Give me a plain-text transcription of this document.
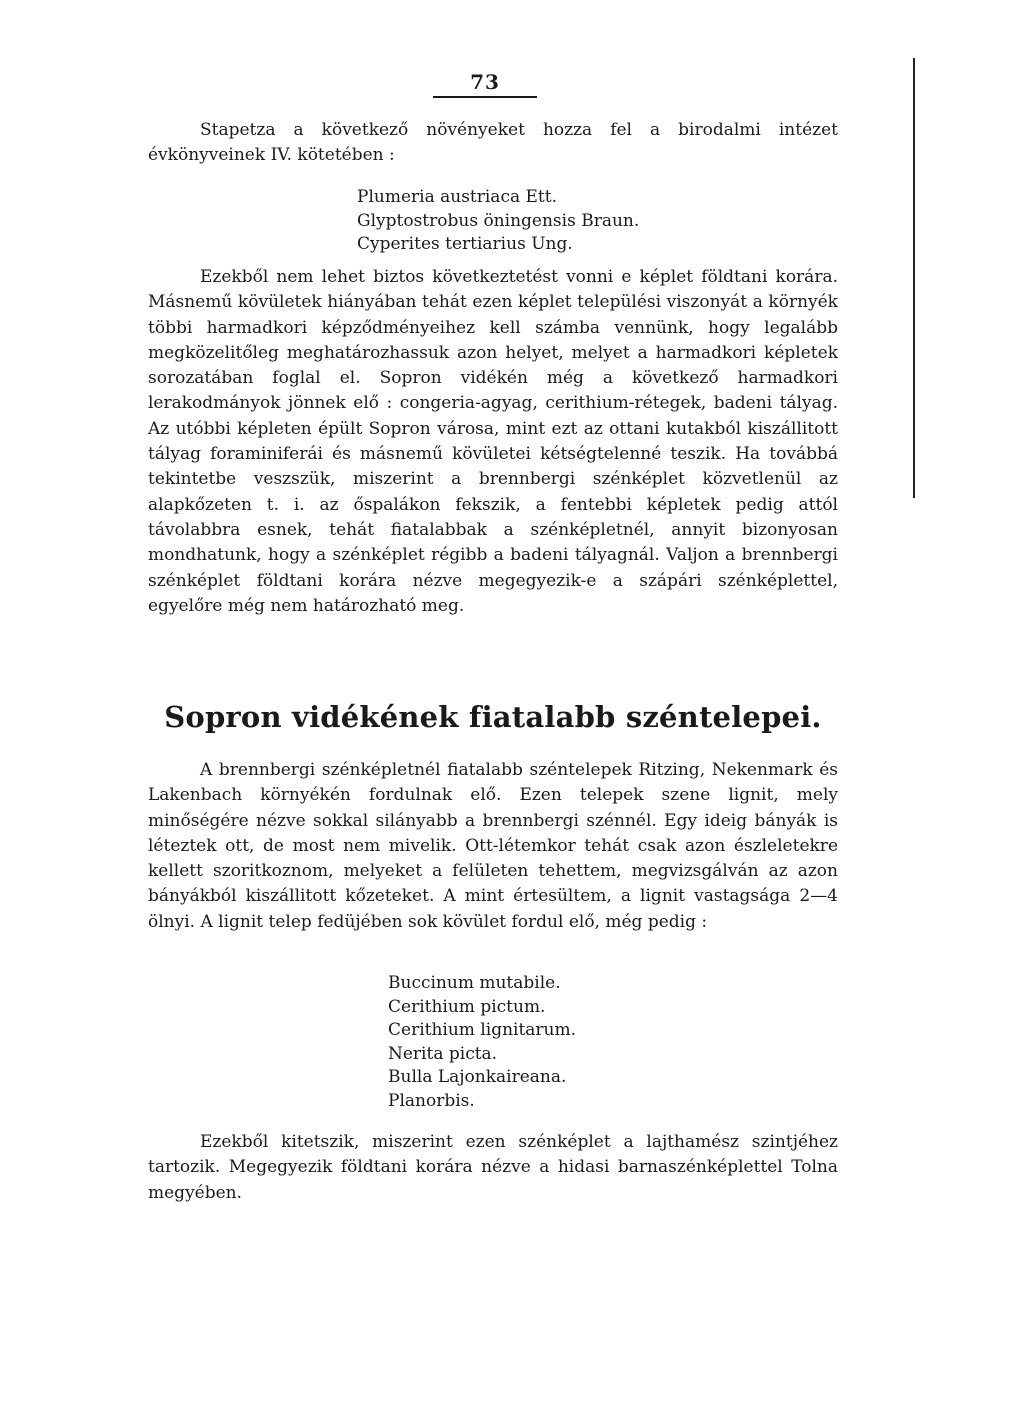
73

Stapetza a következő növényeket hozza fel a birodalmi intézet évkönyveinek IV. kötetében :

Plumeria austriaca Ett.
Glyptostrobus öningensis Braun.
Cyperites tertiarius Ung.

Ezekből nem lehet biztos következtetést vonni e képlet földtani korára. Másnemű kövületek hiányában tehát ezen képlet települési viszonyát a környék többi harmadkori képződményeihez kell számba vennünk, hogy legalább megközelitőleg meghatározhassuk azon helyet, melyet a harmadkori képletek sorozatában foglal el. Sopron vidékén még a következő harmadkori lerakodmányok jönnek elő : congeria-agyag, cerithium-rétegek, badeni tályag. Az utóbbi képleten épült Sopron városa, mint ezt az ottani kutakból kiszállitott tályag foraminiferái és másnemű kövületei kétségtelenné teszik. Ha továbbá tekintetbe veszszük, miszerint a brennbergi szénképlet közvetlenül az alapkőzeten t. i. az őspalákon fekszik, a fentebbi képletek pedig attól távolabbra esnek, tehát fiatalabbak a szénképletnél, annyit bizonyosan mondhatunk, hogy a szénképlet régibb a badeni tályagnál. Valjon a brennbergi szénképlet földtani korára nézve megegyezik-e a szápári szénképlettel, egyelőre még nem határozható meg.

Sopron vidékének fiatalabb széntelepei.

A brennbergi szénképletnél fiatalabb széntelepek Ritzing, Nekenmark és Lakenbach környékén fordulnak elő. Ezen telepek szene lignit, mely minőségére nézve sokkal silányabb a brennbergi szénnél. Egy ideig bányák is léteztek ott, de most nem mivelik. Ott-létemkor tehát csak azon észleletekre kellett szoritkoznom, melyeket a felületen tehettem, megvizsgálván az azon bányákból kiszállitott kőzeteket. A mint értesültem, a lignit vastagsága 2—4 ölnyi. A lignit telep fedüjében sok kövület fordul elő, még pedig :

Buccinum mutabile.
Cerithium pictum.
Cerithium lignitarum.
Nerita picta.
Bulla Lajonkaireana.
Planorbis.

Ezekből kitetszik, miszerint ezen szénképlet a lajthamész szintjéhez tartozik. Megegyezik földtani korára nézve a hidasi barnaszénképlettel Tolna megyében.
